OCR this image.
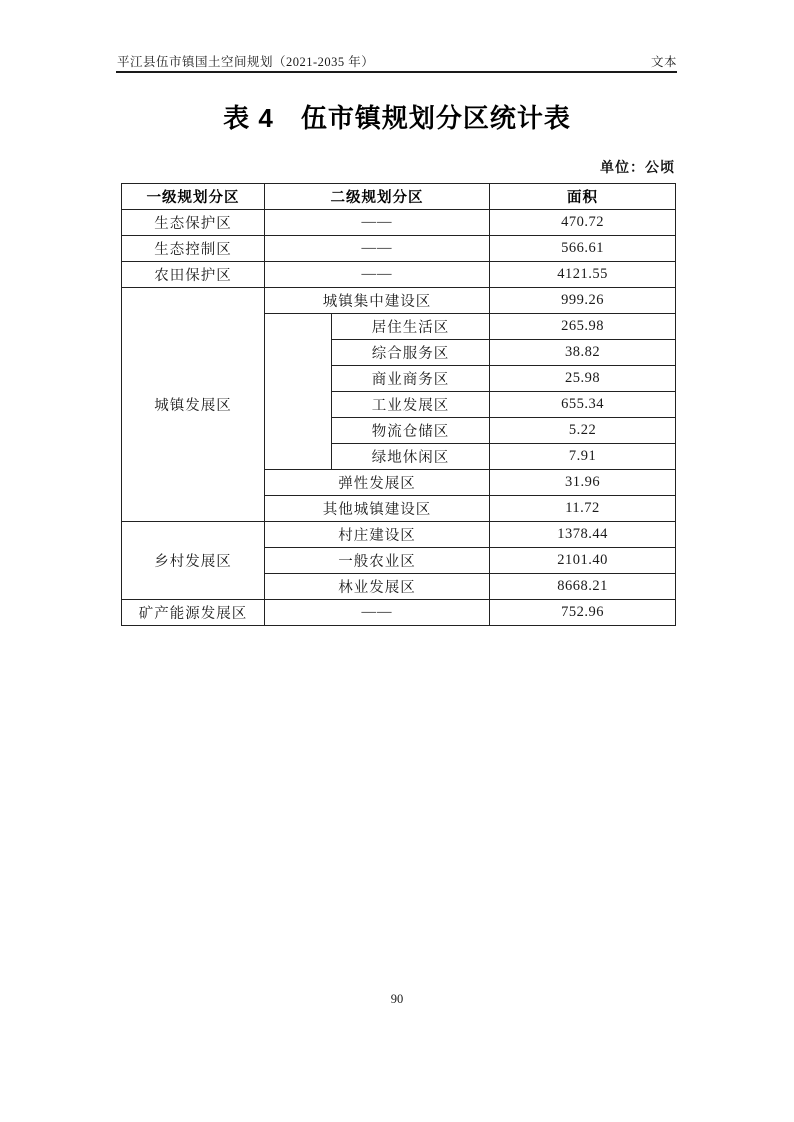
平江县伍市镇国土空间规划（2021-2035 年）	文本
表 4　伍市镇规划分区统计表
单位：公顷
一级规划分区	二级规划分区		面积
生态保护区	——		470.72
生态控制区	——		566.61
农田保护区	——		4121.55
城镇发展区	城镇集中建设区		999.26
		居住生活区	265.98
		综合服务区	38.82
		商业商务区	25.98
		工业发展区	655.34
		物流仓储区	5.22
		绿地休闲区	7.91
	弹性发展区		31.96
	其他城镇建设区		11.72
乡村发展区	村庄建设区		1378.44
	一般农业区		2101.40
	林业发展区		8668.21
矿产能源发展区	——		752.96
90
